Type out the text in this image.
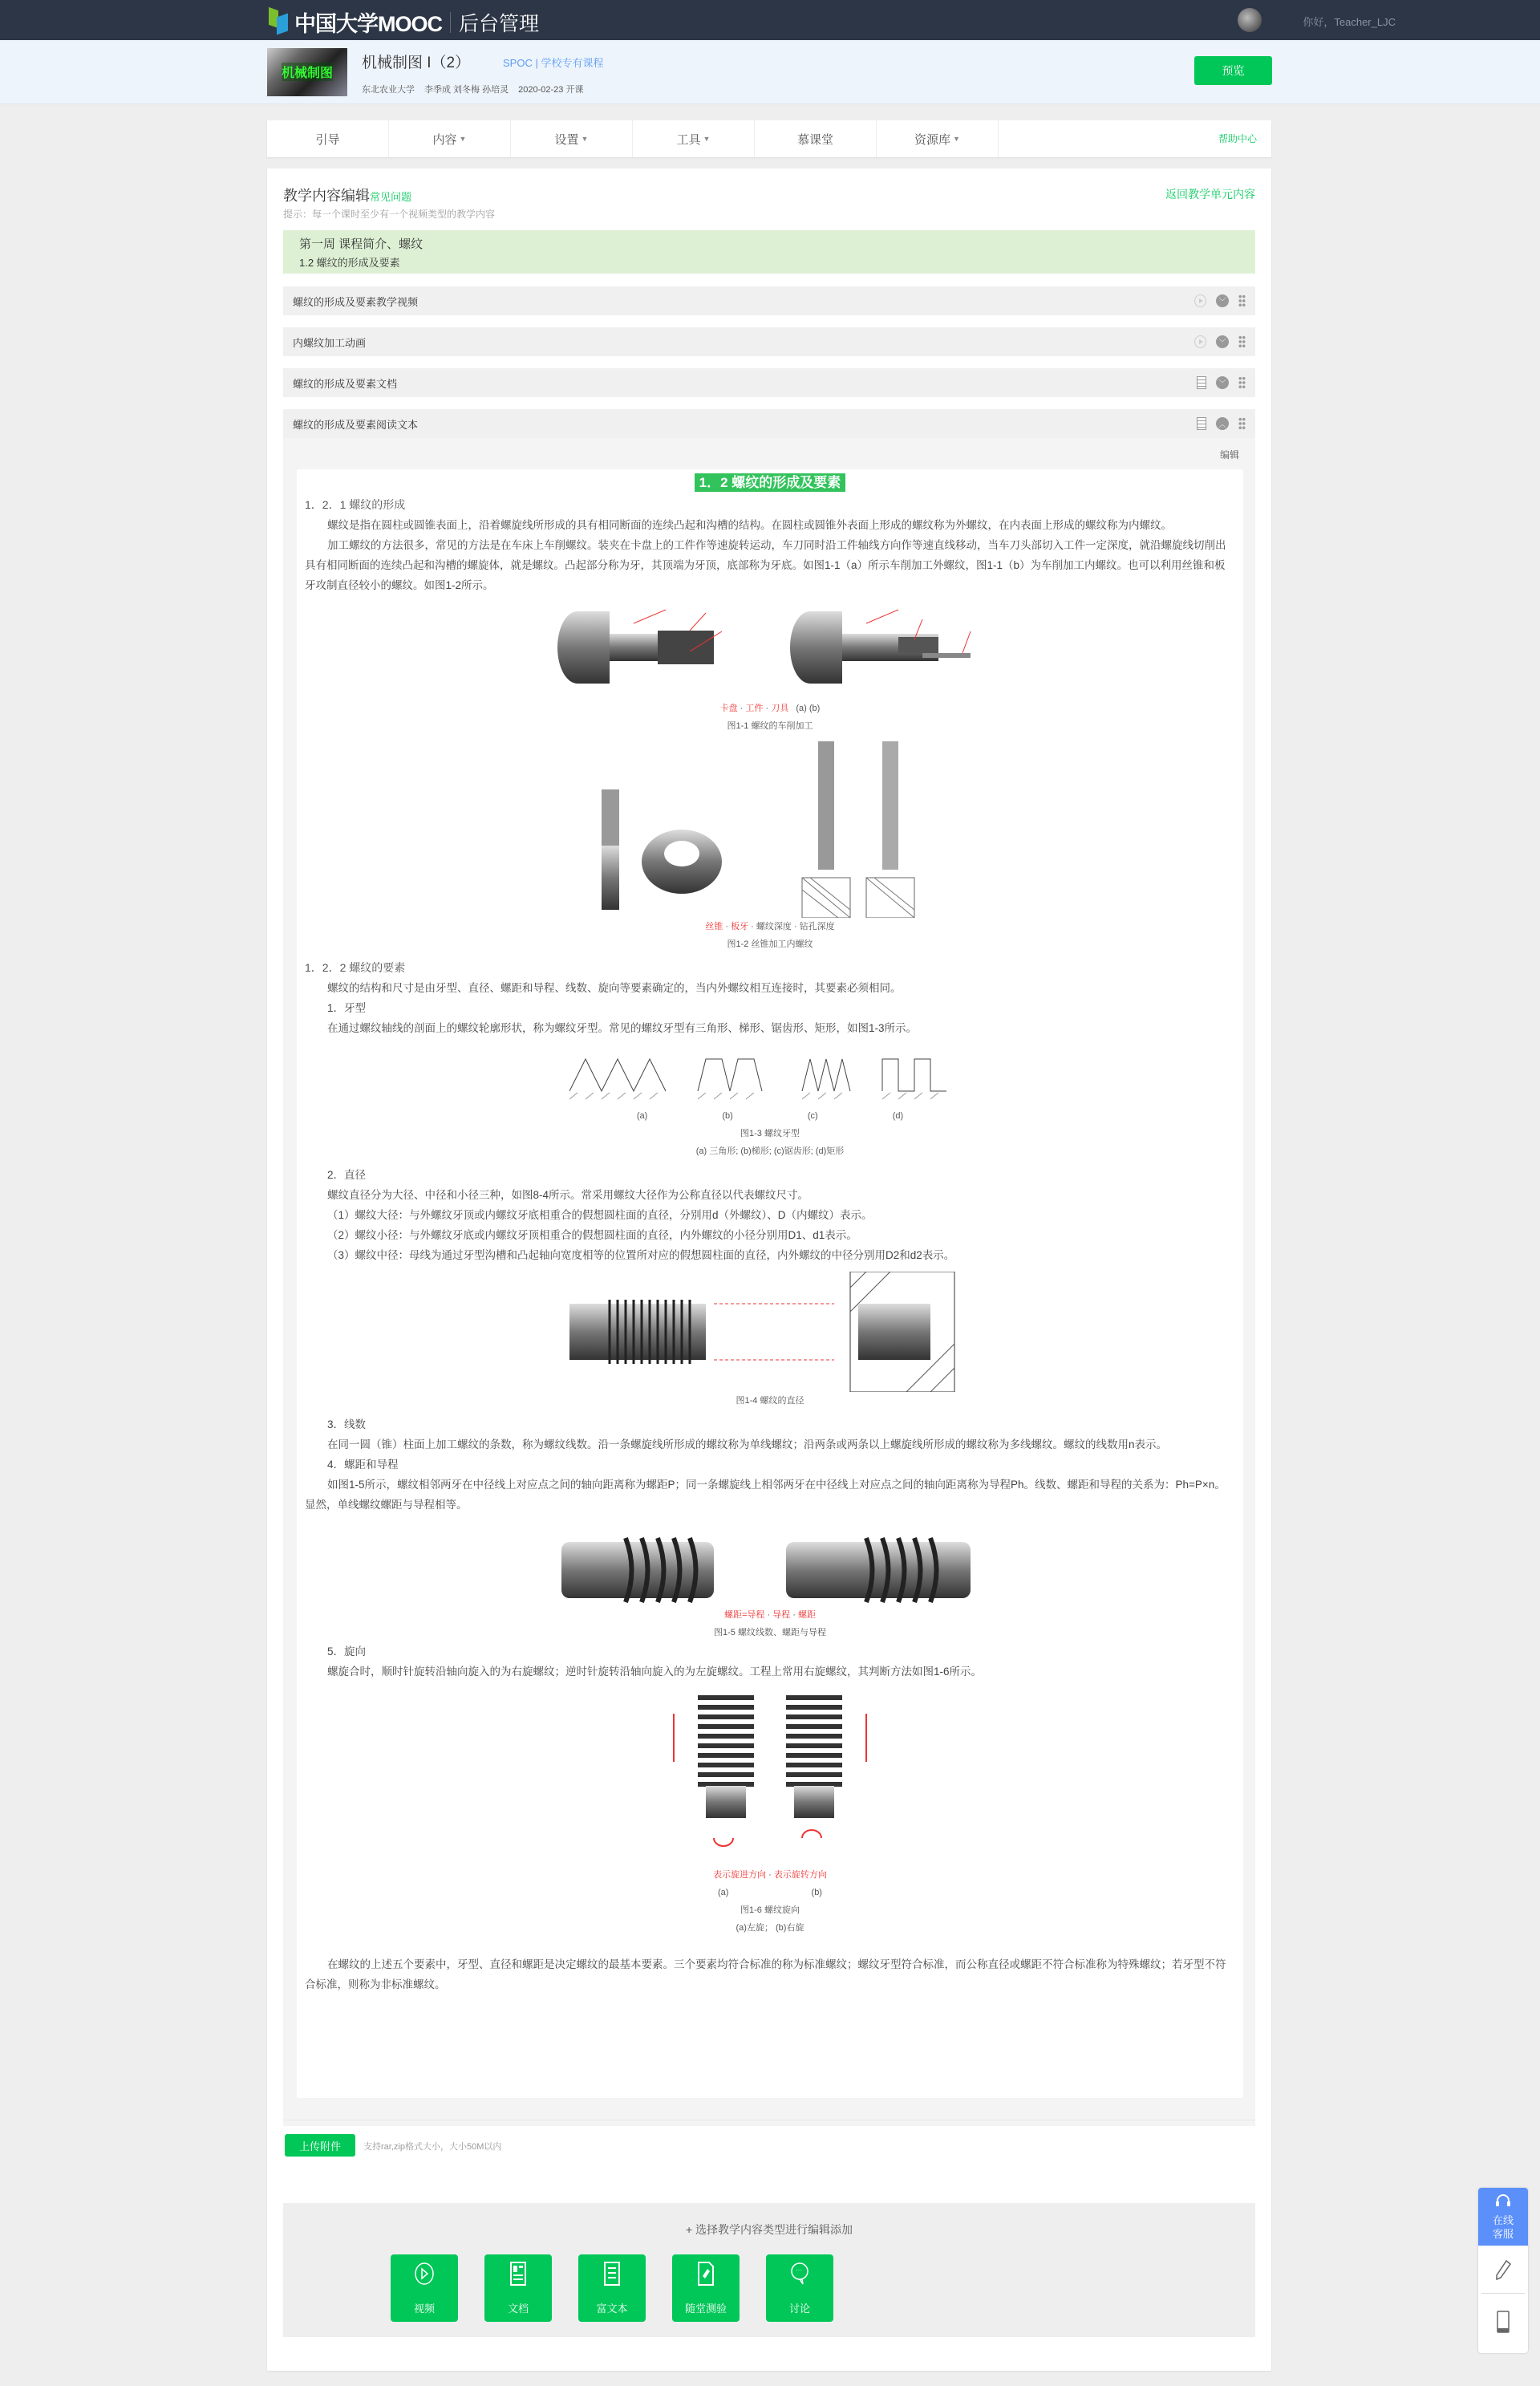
中国大学MOOC 后台管理	你好，Teacher_LJC
机械制图
机械制图 I（2）	SPOC | 学校专有课程
东北农业大学 李季成 刘冬梅 孙培灵 2020-02-23 开课
预览
引导	内容 ▼	设置 ▼	工具 ▼	慕课堂	资源库 ▼	帮助中心
教学内容编辑常见问题
提示：每一个课时至少有一个视频类型的教学内容
返回教学单元内容
第一周 课程简介、螺纹
1.2 螺纹的形成及要素
螺纹的形成及要素教学视频	﹀
内螺纹加工动画	﹀
螺纹的形成及要素文档	﹀
螺纹的形成及要素阅读文本	︿
编辑
1．2 螺纹的形成及要素
1．2．1 螺纹的形成
螺纹是指在圆柱或圆锥表面上，沿着螺旋线所形成的具有相同断面的连续凸起和沟槽的结构。在圆柱或圆锥外表面上形成的螺纹称为外螺纹，在内表面上形成的螺纹称为内螺纹。
加工螺纹的方法很多，常见的方法是在车床上车削螺纹。装夹在卡盘上的工件作等速旋转运动，车刀同时沿工件轴线方向作等速直线移动，当车刀头部切入工件一定深度，就沿螺旋线切削出具有相同断面的连续凸起和沟槽的螺旋体，就是螺纹。凸起部分称为牙，其顶端为牙顶，底部称为牙底。如图1-1（a）所示车削加工外螺纹，图1-1（b）为车削加工内螺纹。也可以利用丝锥和板牙攻制直径较小的螺纹。如图1-2所示。
卡盘 · 工件 · 刀具 (a) (b)
图1-1 螺纹的车削加工
丝锥 · 板牙 · 螺纹深度 · 钻孔深度
图1-2 丝锥加工内螺纹
1．2．2 螺纹的要素
螺纹的结构和尺寸是由牙型、直径、螺距和导程、线数、旋向等要素确定的，当内外螺纹相互连接时，其要素必须相同。
1．牙型
在通过螺纹轴线的剖面上的螺纹轮廓形状，称为螺纹牙型。常见的螺纹牙型有三角形、梯形、锯齿形、矩形，如图1-3所示。
(a)	(b)	(c)	(d)
图1-3 螺纹牙型
(a) 三角形; (b)梯形; (c)锯齿形; (d)矩形
2．直径
螺纹直径分为大径、中径和小径三种，如图8-4所示。常采用螺纹大径作为公称直径以代表螺纹尺寸。
（1）螺纹大径：与外螺纹牙顶或内螺纹牙底相重合的假想圆柱面的直径，分别用d（外螺纹）、D（内螺纹）表示。
（2）螺纹小径：与外螺纹牙底或内螺纹牙顶相重合的假想圆柱面的直径，内外螺纹的小径分别用D1、d1表示。
（3）螺纹中径：母线为通过牙型沟槽和凸起轴向宽度相等的位置所对应的假想圆柱面的直径，内外螺纹的中径分别用D2和d2表示。
图1-4 螺纹的直径
3．线数
在同一圆（锥）柱面上加工螺纹的条数，称为螺纹线数。沿一条螺旋线所形成的螺纹称为单线螺纹；沿两条或两条以上螺旋线所形成的螺纹称为多线螺纹。螺纹的线数用n表示。
4．螺距和导程
如图1-5所示，螺纹相邻两牙在中径线上对应点之间的轴向距离称为螺距P；同一条螺旋线上相邻两牙在中径线上对应点之间的轴向距离称为导程Ph。线数、螺距和导程的关系为：Ph=P×n。显然，单线螺纹螺距与导程相等。
螺距=导程 · 导程 · 螺距
图1-5 螺纹线数、螺距与导程
5．旋向
螺旋合时，顺时针旋转沿轴向旋入的为右旋螺纹；逆时针旋转沿轴向旋入的为左旋螺纹。工程上常用右旋螺纹，其判断方法如图1-6所示。
表示旋进方向 · 表示旋转方向
(a)	(b)
图1-6 螺纹旋向
(a)左旋； (b)右旋
在螺纹的上述五个要素中，牙型、直径和螺距是决定螺纹的最基本要素。三个要素均符合标准的称为标准螺纹；螺纹牙型符合标准，而公称直径或螺距不符合标准称为特殊螺纹；若牙型不符合标准，则称为非标准螺纹。
上传附件	支持rar,zip格式大小，大小50M以内
+ 选择教学内容类型进行编辑添加
视频	文档	富文本	随堂测验
···
讨论
在线客服
